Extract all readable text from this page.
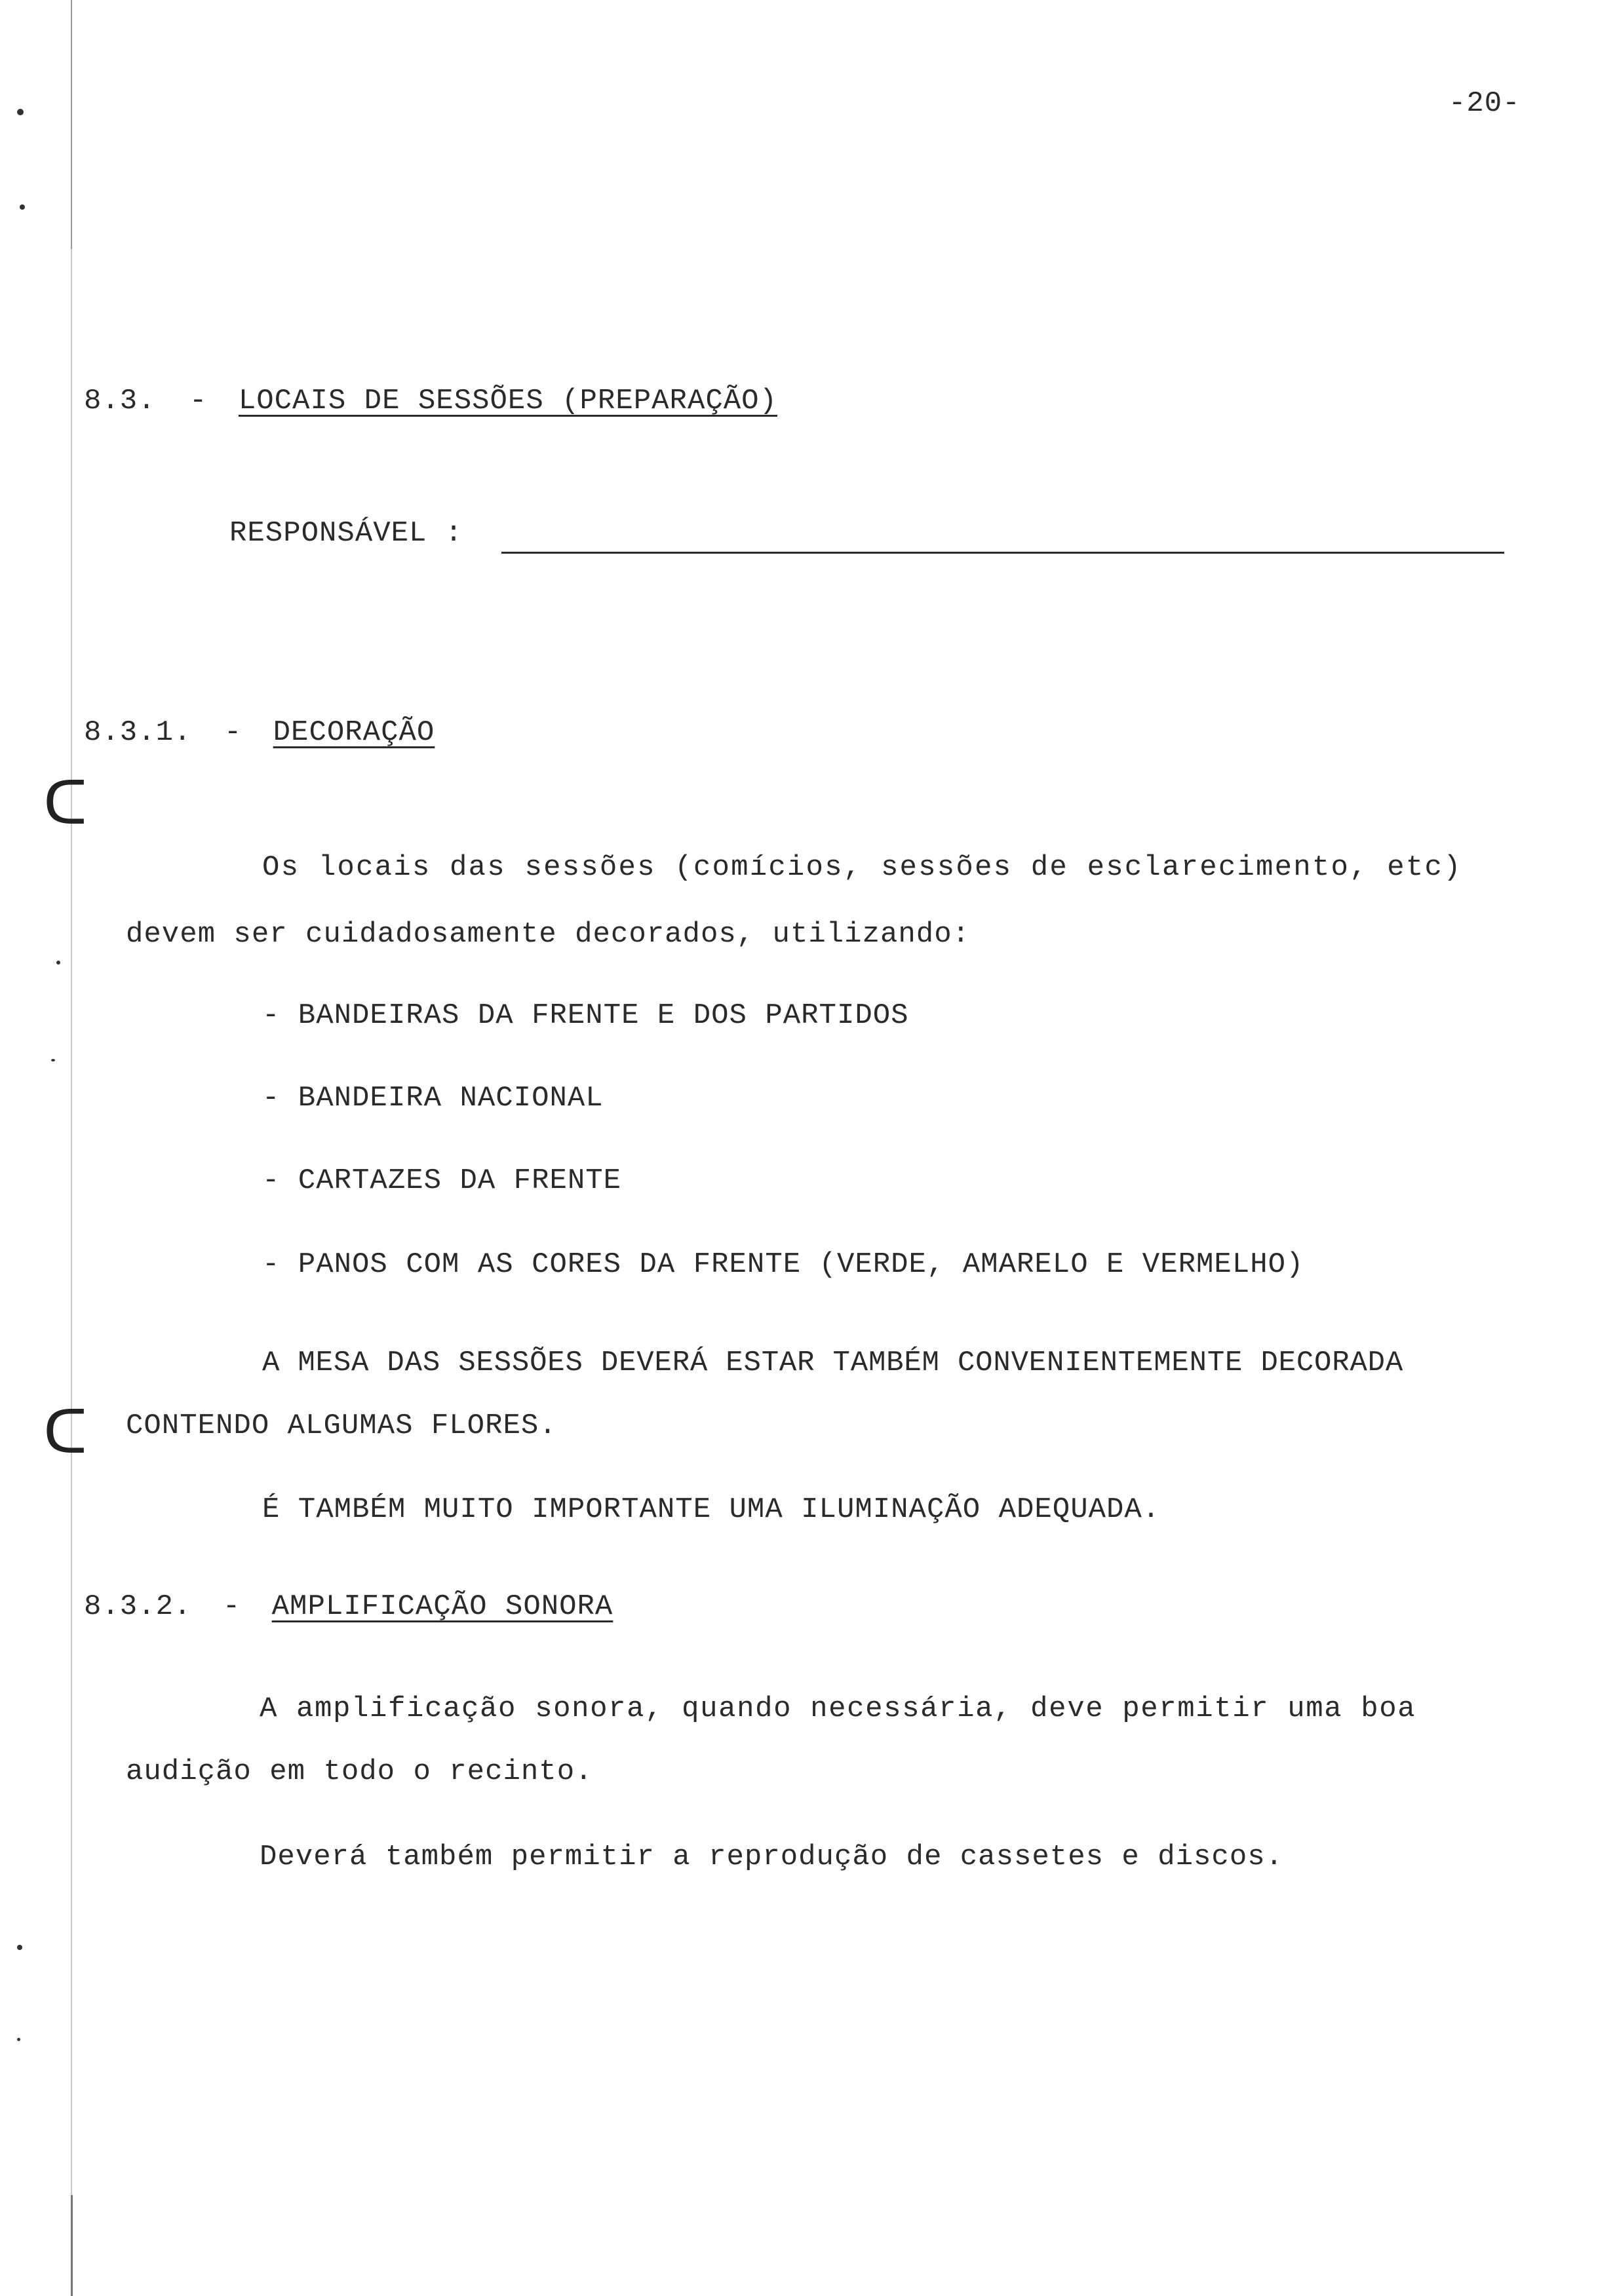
ᑕ
ᑕ
-20-
8.3. - LOCAIS DE SESSÕES (PREPARAÇÃO)
RESPONSÁVEL :
8.3.1. - DECORAÇÃO
Os locais das sessões (comícios, sessões de esclarecimento, etc)
devem ser cuidadosamente decorados, utilizando:
- BANDEIRAS DA FRENTE E DOS PARTIDOS
- BANDEIRA NACIONAL
- CARTAZES DA FRENTE
- PANOS COM AS CORES DA FRENTE (VERDE, AMARELO E VERMELHO)
A MESA DAS SESSÕES DEVERÁ ESTAR TAMBÉM CONVENIENTEMENTE DECORADA
CONTENDO ALGUMAS FLORES.
É TAMBÉM MUITO IMPORTANTE UMA ILUMINAÇÃO ADEQUADA.
8.3.2. - AMPLIFICAÇÃO SONORA
A amplificação sonora, quando necessária, deve permitir uma boa
audição em todo o recinto.
Deverá também permitir a reprodução de cassetes e discos.
